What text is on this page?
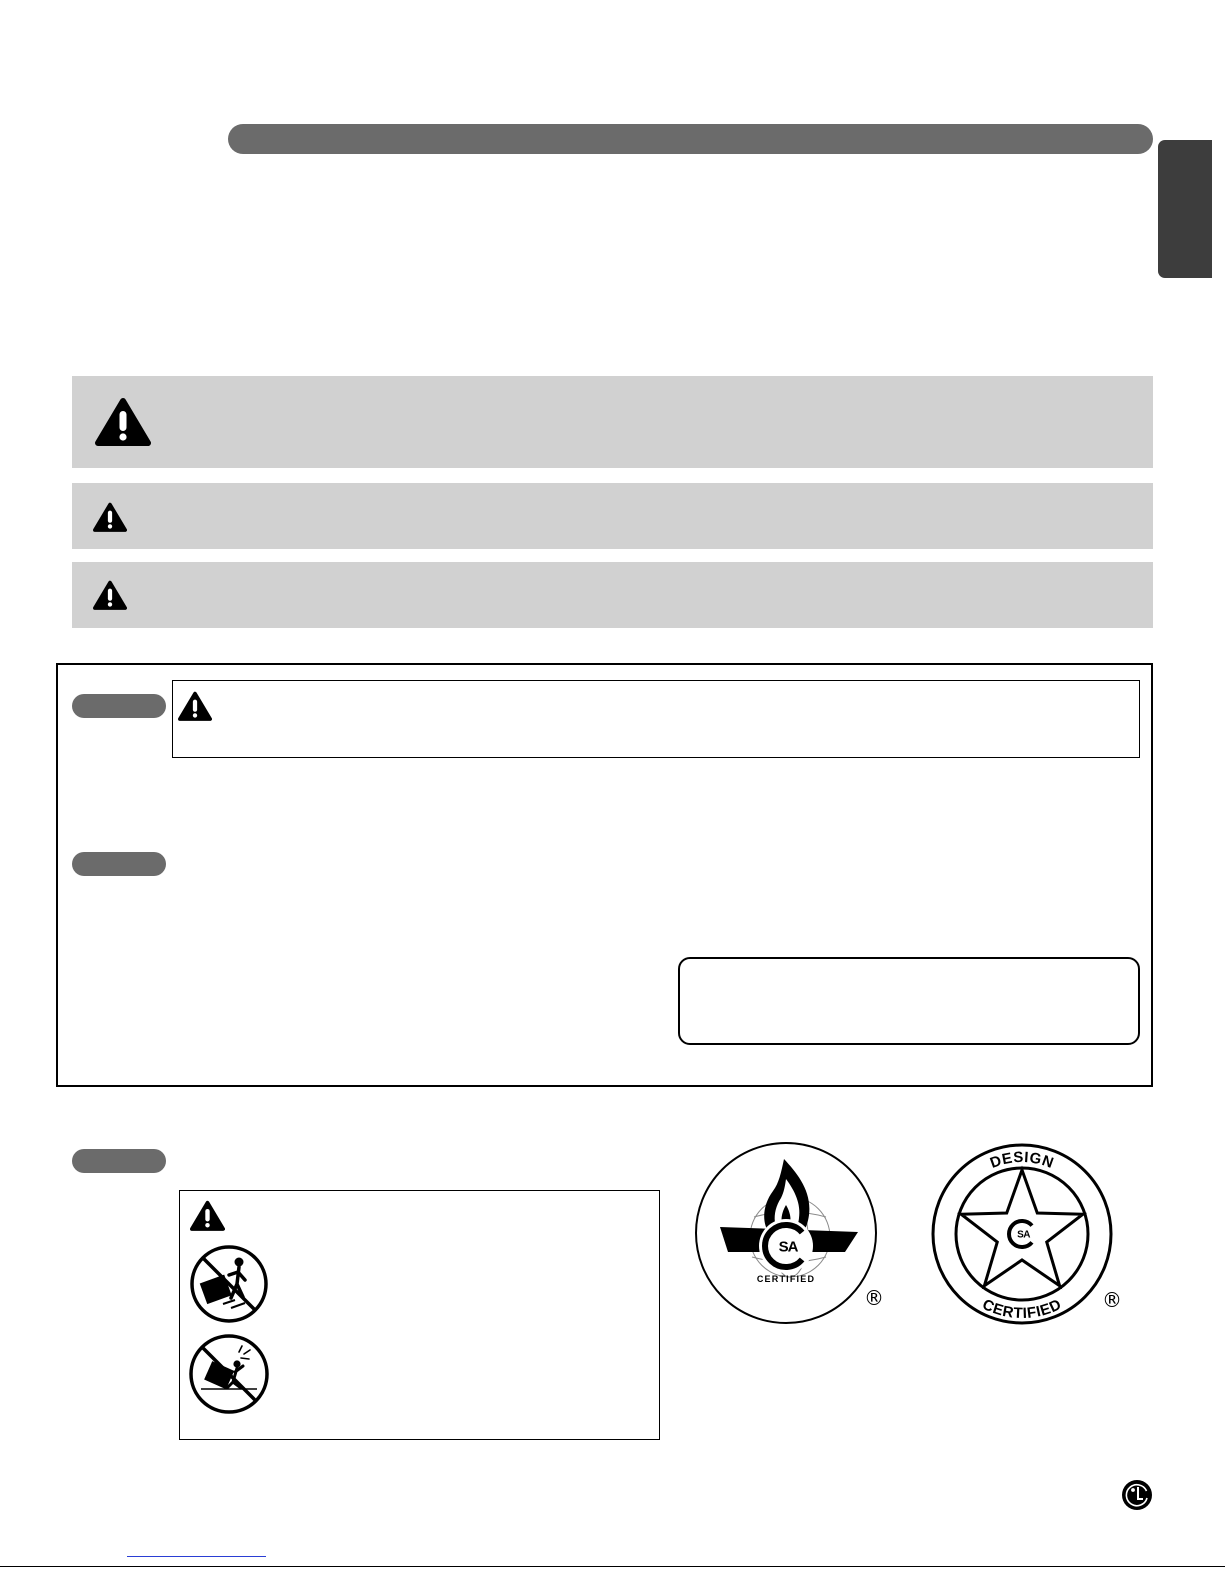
SA
CERTIFIED
®
SA
DESIGN
CERTIFIED ®
